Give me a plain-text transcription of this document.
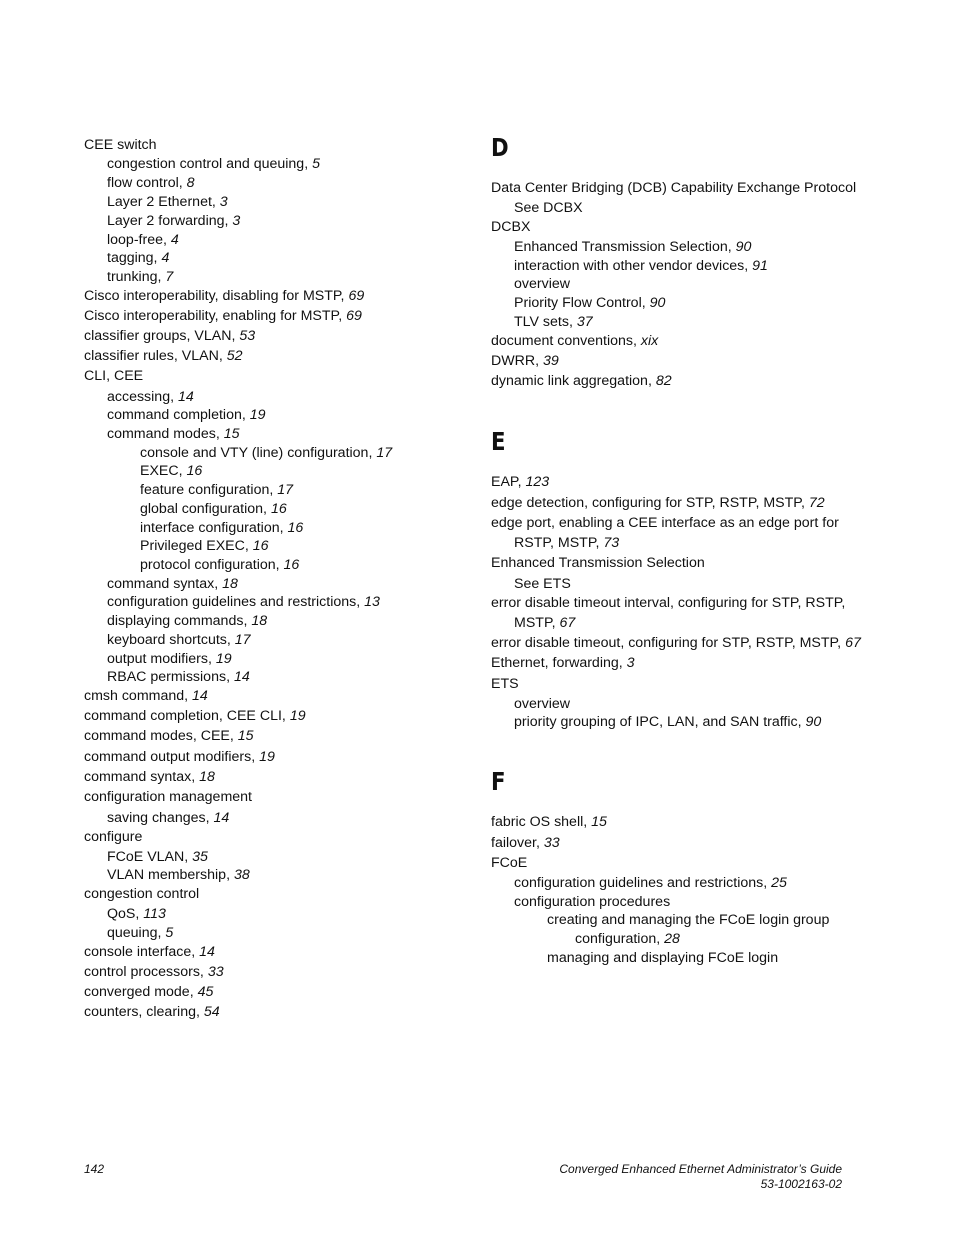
CEE switch
congestion control and queuing, 5
flow control, 8
Layer 2 Ethernet, 3
Layer 2 forwarding, 3
loop-free, 4
tagging, 4
trunking, 7
Cisco interoperability, disabling for MSTP, 69
Cisco interoperability, enabling for MSTP, 69
classifier groups, VLAN, 53
classifier rules, VLAN, 52
CLI, CEE
accessing, 14
command completion, 19
command modes, 15
console and VTY (line) configuration, 17
EXEC, 16
feature configuration, 17
global configuration, 16
interface configuration, 16
Privileged EXEC, 16
protocol configuration, 16
command syntax, 18
configuration guidelines and restrictions, 13
displaying commands, 18
keyboard shortcuts, 17
output modifiers, 19
RBAC permissions, 14
cmsh command, 14
command completion, CEE CLI, 19
command modes, CEE, 15
command output modifiers, 19
command syntax, 18
configuration management
saving changes, 14
configure
FCoE VLAN, 35
VLAN membership, 38
congestion control
QoS, 113
queuing, 5
console interface, 14
control processors, 33
converged mode, 45
counters, clearing, 54
D
Data Center Bridging (DCB) Capability Exchange Protocol
See DCBX
DCBX
Enhanced Transmission Selection, 90
interaction with other vendor devices, 91
overview
Priority Flow Control, 90
TLV sets, 37
document conventions, xix
DWRR, 39
dynamic link aggregation, 82
E
EAP, 123
edge detection, configuring for STP, RSTP, MSTP, 72
edge port, enabling a CEE interface as an edge port for
RSTP, MSTP, 73
Enhanced Transmission Selection
See ETS
error disable timeout interval, configuring for STP, RSTP,
MSTP, 67
error disable timeout, configuring for STP, RSTP, MSTP, 67
Ethernet, forwarding, 3
ETS
overview
priority grouping of IPC, LAN, and SAN traffic, 90
F
fabric OS shell, 15
failover, 33
FCoE
configuration guidelines and restrictions, 25
configuration procedures
creating and managing the FCoE login group
configuration, 28
managing and displaying FCoE login
142	Converged Enhanced Ethernet Administrator’s Guide
53-1002163-02
